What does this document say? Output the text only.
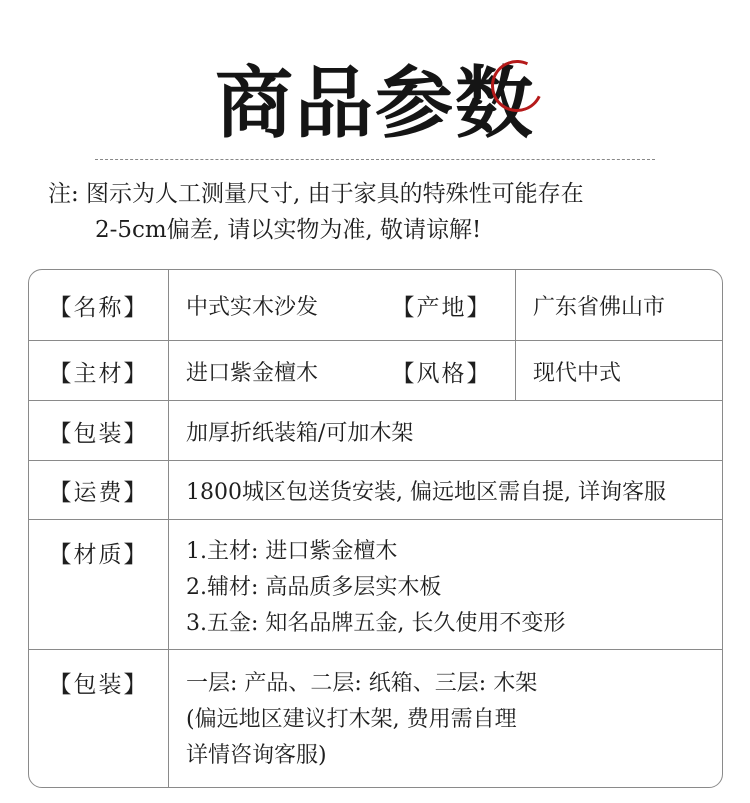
商品参数
注: 图示为人工测量尺寸, 由于家具的特殊性可能存在
2-5cm偏差, 请以实物为准, 敬请谅解!
【名称】	中式实木沙发	【产地】	广东省佛山市
【主材】	进口紫金檀木	【风格】	现代中式
【包装】	加厚折纸装箱/可加木架
【运费】	1800城区包送货安装, 偏远地区需自提, 详询客服
【材质】	1.主材: 进口紫金檀木
2.辅材: 高品质多层实木板
3.五金: 知名品牌五金, 长久使用不变形
【包装】	一层: 产品、二层: 纸箱、三层: 木架
(偏远地区建议打木架, 费用需自理
详情咨询客服)
